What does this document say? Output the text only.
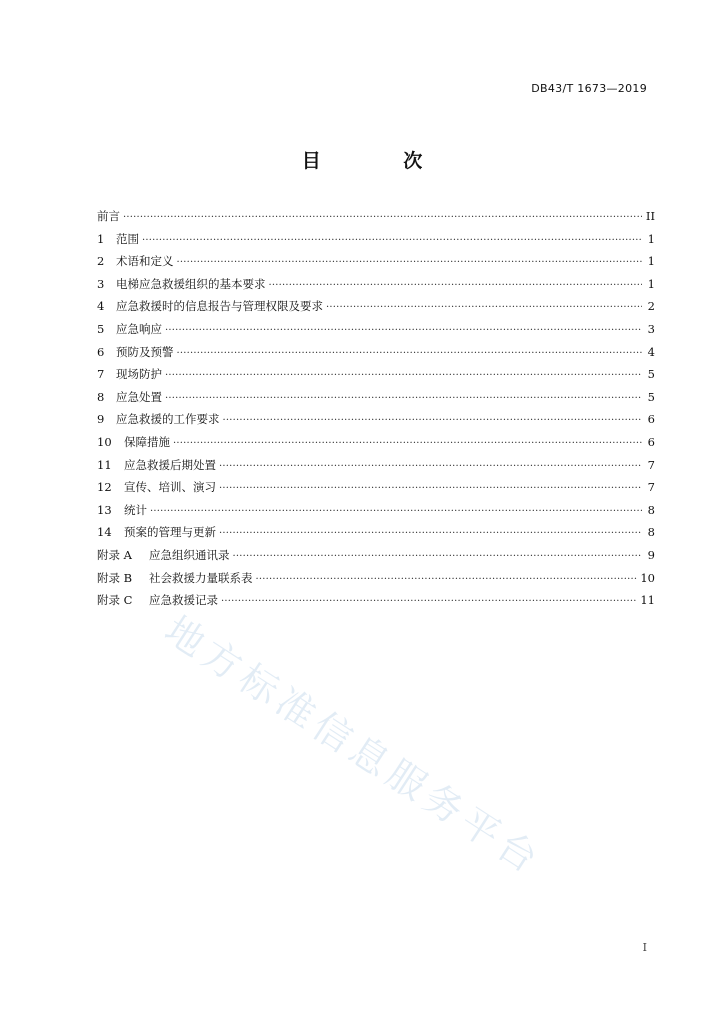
DB43/T 1673—2019
目 次
前言 ·····	II
1	范围 ·····	1
2	术语和定义 ·····	1
3	电梯应急救援组织的基本要求 ·····	1
4	应急救援时的信息报告与管理权限及要求 ·····	2
5	应急响应 ·····	3
6	预防及预警 ·····	4
7	现场防护 ·····	5
8	应急处置 ·····	5
9	应急救援的工作要求 ·····	6
10	保障措施 ·····	6
11	应急救援后期处置 ·····	7
12	宣传、培训、演习 ·····	7
13	统计 ·····	8
14	预案的管理与更新 ·····	8
附录 A	应急组织通讯录 ·····	9
附录 B	社会救援力量联系表 ·····	10
附录 C	应急救援记录 ·····	11
I
地方标准信息服务平台
